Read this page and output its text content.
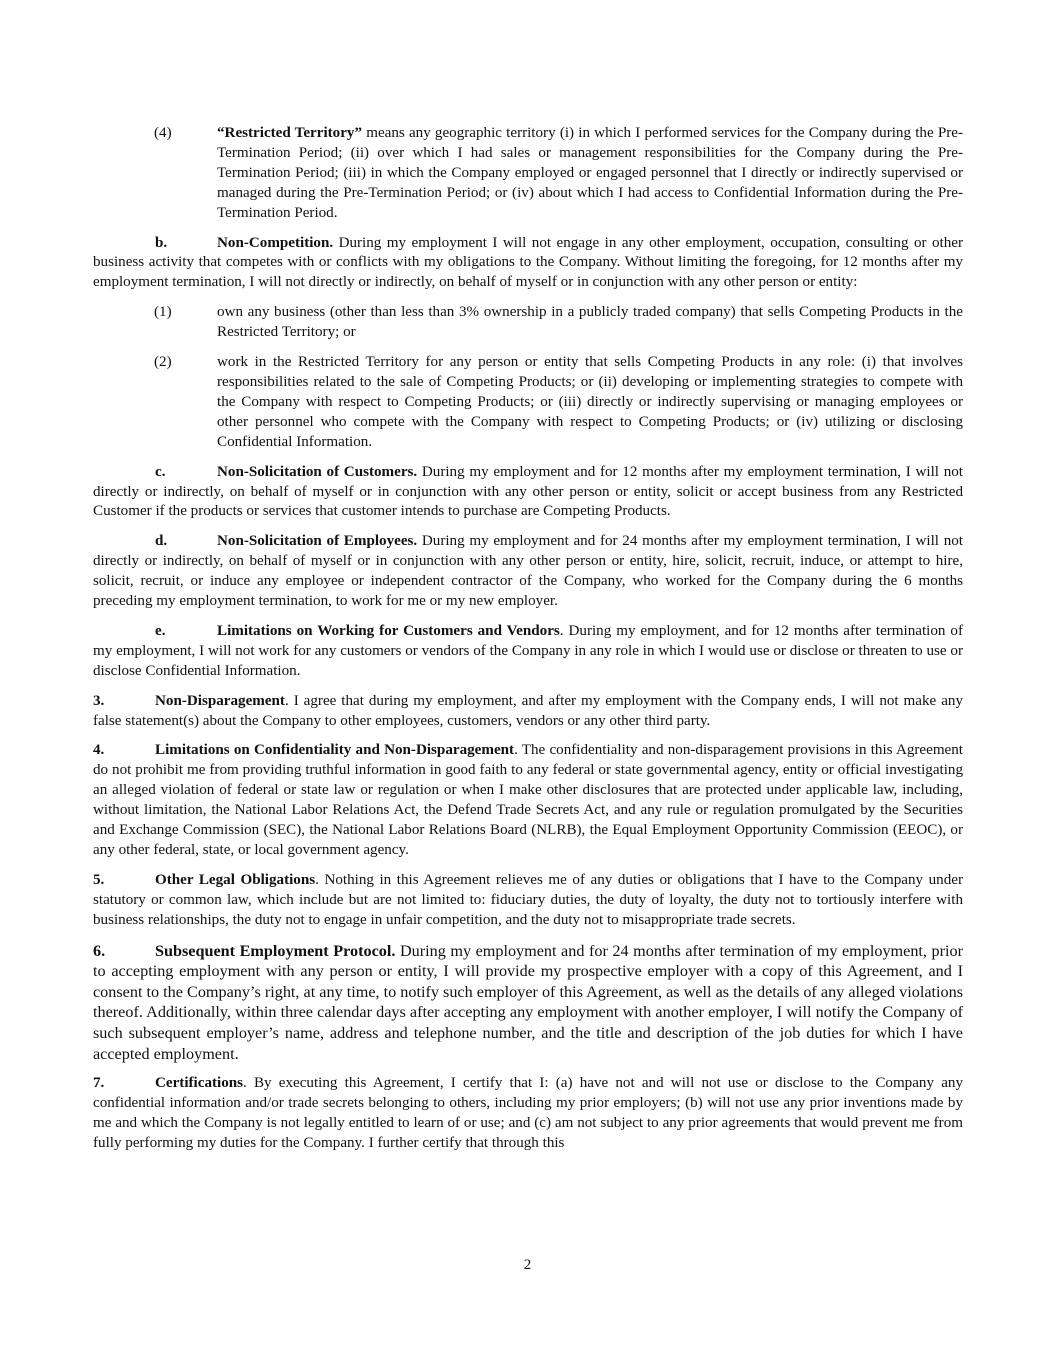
(4)	“Restricted Territory” means any geographic territory (i) in which I performed services for the Company during the Pre-Termination Period; (ii) over which I had sales or management responsibilities for the Company during the Pre-Termination Period; (iii) in which the Company employed or engaged personnel that I directly or indirectly supervised or managed during the Pre-Termination Period; or (iv) about which I had access to Confidential Information during the Pre-Termination Period.

b.	Non-Competition. During my employment I will not engage in any other employment, occupation, consulting or other business activity that competes with or conflicts with my obligations to the Company. Without limiting the foregoing, for 12 months after my employment termination, I will not directly or indirectly, on behalf of myself or in conjunction with any other person or entity:

(1)	own any business (other than less than 3% ownership in a publicly traded company) that sells Competing Products in the Restricted Territory; or

(2)	work in the Restricted Territory for any person or entity that sells Competing Products in any role: (i) that involves responsibilities related to the sale of Competing Products; or (ii) developing or implementing strategies to compete with the Company with respect to Competing Products; or (iii) directly or indirectly supervising or managing employees or other personnel who compete with the Company with respect to Competing Products; or (iv) utilizing or disclosing Confidential Information.

c.	Non-Solicitation of Customers. During my employment and for 12 months after my employment termination, I will not directly or indirectly, on behalf of myself or in conjunction with any other person or entity, solicit or accept business from any Restricted Customer if the products or services that customer intends to purchase are Competing Products.

d.	Non-Solicitation of Employees. During my employment and for 24 months after my employment termination, I will not directly or indirectly, on behalf of myself or in conjunction with any other person or entity, hire, solicit, recruit, induce, or attempt to hire, solicit, recruit, or induce any employee or independent contractor of the Company, who worked for the Company during the 6 months preceding my employment termination, to work for me or my new employer.

e.	Limitations on Working for Customers and Vendors. During my employment, and for 12 months after termination of my employment, I will not work for any customers or vendors of the Company in any role in which I would use or disclose or threaten to use or disclose Confidential Information.

3.	Non-Disparagement. I agree that during my employment, and after my employment with the Company ends, I will not make any false statement(s) about the Company to other employees, customers, vendors or any other third party.

4.	Limitations on Confidentiality and Non-Disparagement. The confidentiality and non-disparagement provisions in this Agreement do not prohibit me from providing truthful information in good faith to any federal or state governmental agency, entity or official investigating an alleged violation of federal or state law or regulation or when I make other disclosures that are protected under applicable law, including, without limitation, the National Labor Relations Act, the Defend Trade Secrets Act, and any rule or regulation promulgated by the Securities and Exchange Commission (SEC), the National Labor Relations Board (NLRB), the Equal Employment Opportunity Commission (EEOC), or any other federal, state, or local government agency.

5.	Other Legal Obligations. Nothing in this Agreement relieves me of any duties or obligations that I have to the Company under statutory or common law, which include but are not limited to: fiduciary duties, the duty of loyalty, the duty not to tortiously interfere with business relationships, the duty not to engage in unfair competition, and the duty not to misappropriate trade secrets.

6.	Subsequent Employment Protocol. During my employment and for 24 months after termination of my employment, prior to accepting employment with any person or entity, I will provide my prospective employer with a copy of this Agreement, and I consent to the Company’s right, at any time, to notify such employer of this Agreement, as well as the details of any alleged violations thereof. Additionally, within three calendar days after accepting any employment with another employer, I will notify the Company of such subsequent employer’s name, address and telephone number, and the title and description of the job duties for which I have accepted employment.

7.	Certifications. By executing this Agreement, I certify that I: (a) have not and will not use or disclose to the Company any confidential information and/or trade secrets belonging to others, including my prior employers; (b) will not use any prior inventions made by me and which the Company is not legally entitled to learn of or use; and (c) am not subject to any prior agreements that would prevent me from fully performing my duties for the Company. I further certify that through this

2
